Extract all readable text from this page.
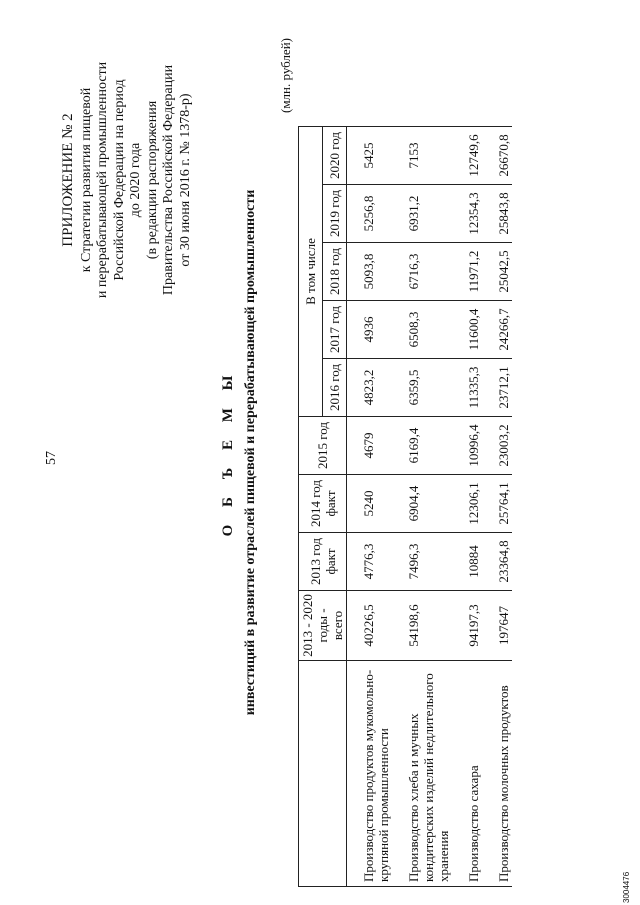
57
ПРИЛОЖЕНИЕ № 2 к Стратегии развития пищевой и перерабатывающей промышленности Российской Федерации на период до 2020 года (в редакции распоряжения Правительства Российской Федерации от 30 июня 2016 г. № 1378-р)
О Б Ъ Е М Ы инвестиций в развитие отраслей пищевой и перерабатывающей промышленности
(млн. рублей)
	2013 - 2020 годы - всего	2013 год факт	2014 год факт	2015 год	В том числе				
					2016 год	2017 год	2018 год	2019 год	2020 год
Производство продуктов мукомольно-крупяной промышленности	40226,5	4776,3	5240	4679	4823,2	4936	5093,8	5256,8	5425
Производство хлеба и мучных кондитерских изделий недлительного хранения	54198,6	7496,3	6904,4	6169,4	6359,5	6508,3	6716,3	6931,2	7153
Производство сахара	94197,3	10884	12306,1	10996,4	11335,3	11600,4	11971,2	12354,3	12749,6
Производство молочных продуктов	197647	23364,8	25764,1	23003,2	23712,1	24266,7	25042,5	25843,8	26670,8
3004476
